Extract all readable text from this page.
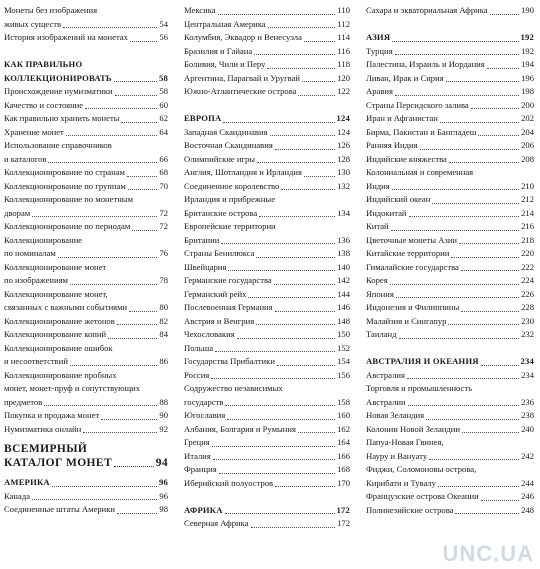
Монеты без изображения
живых существ	54
История изображений на монетах	56
КАК ПРАВИЛЬНО
КОЛЛЕКЦИОНИРОВАТЬ	58
Происхождение нумизматики	58
Качество и состояние	60
Как правильно хранить монеты	62
Хранение монет	64
Использование справочников
и каталогов	66
Коллекционирование по странам	68
Коллекционирование по группам	70
Коллекционирование по монетным
дворам	72
Коллекционирование по периодам	72
Коллекционирование
по номиналам	76
Коллекционирование монет
по изображениям	78
Коллекционирование монет,
связанных с важными событиями	80
Коллекционирование жетонов	82
Коллекционирование копий	84
Коллекционирование ошибок
и несоответствий	86
Коллекционирование пробных
монет, монет-пруф и сопутствующих
предметов	88
Покупка и продажа монет	90
Нумизматика онлайн	92
ВСЕМИРНЫЙ
КАТАЛОГ МОНЕТ	94
АМЕРИКА	96
Канада	96
Соединенные штаты Америки	98
Мексика	110
Центральная Америка	112
Колумбия, Эквадор и Венесуэла	114
Бразилия и Гайана	116
Боливия, Чили и Перу	118
Аргентина, Парагвай и Уругвай	120
Южно-Атлантические острова	122
ЕВРОПА	124
Западная Скандинавия	124
Восточная Скандинавия	126
Олимпийские игры	128
Англия, Шотландия и Ирландия	130
Соединенное королевство	132
Ирландия и прибрежные
Британские острова	134
Европейские территории
Британии	136
Страны Бенилюкса	138
Швейцария	140
Германские государства	142
Германский рейх	144
Послевоенная Германия	146
Австрия и Венгрия	148
Чехословакия	150
Польша	152
Государства Прибалтики	154
Россия	156
Содружество независимых
государств	158
Югославия	160
Албания, Болгария и Румыния	162
Греция	164
Италия	166
Франция	168
Иберийский полуостров	170
АФРИКА	172
Северная Африка	172
Сахара и экваториальная Африка	190
АЗИЯ	192
Турция	192
Палестина, Израиль и Иордания	194
Ливан, Ирак и Сирия	196
Аравия	198
Страны Персидского залива	200
Иран и Афганистан	202
Бирма, Пакистан и Бангладеш	204
Ранняя Индия	206
Индийские княжества	208
Колониальная и современная
Индия	210
Индийский океан	212
Индокитай	214
Китай	216
Цветочные монеты Азии	218
Китайские территории	220
Гималайские государства	222
Корея	224
Япония	226
Индонезия и Филиппины	228
Малайзия и Сингапур	230
Таиланд	232
АВСТРАЛИЯ И ОКЕАНИЯ	234
Австралия	234
Торговля и промышленность
Австралии	236
Новая Зеландия	238
Колонии Новой Зеландии	240
Папуа-Новая Гвинея,
Науру и Вануату	242
Фиджи, Соломоновы острова,
Кирибати и Тувалу	244
Французские острова Океании	246
Полинезийские острова	248
UNC.UA
